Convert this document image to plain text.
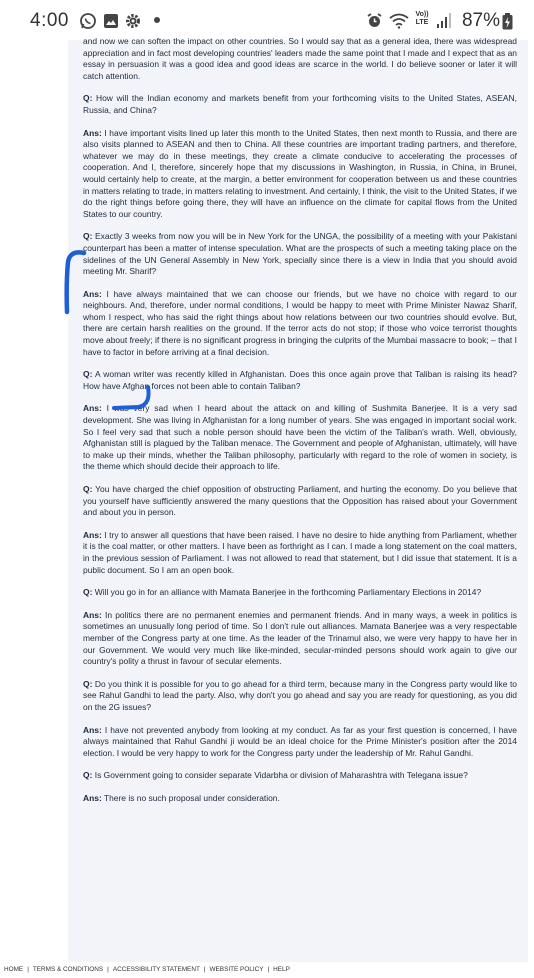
4:00	Vo)) LTE 87%

and now we can soften the impact on other countries. So I would say that as a general idea, there was widespread appreciation and in fact most developing countries' leaders made the same point that I made and I expect that as an essay in persuasion it was a good idea and good ideas are scarce in the world. I do believe sooner or later it will catch attention.

Q: How will the Indian economy and markets benefit from your forthcoming visits to the United States, ASEAN, Russia, and China?

Ans: I have important visits lined up later this month to the United States, then next month to Russia, and there are also visits planned to ASEAN and then to China. All these countries are important trading partners, and therefore, whatever we may do in these meetings, they create a climate conducive to accelerating the processes of cooperation. And I, therefore, sincerely hope that my discussions in Washington, in Russia, in China, in Brunei, would certainly help to create, at the margin, a better environment for cooperation between us and these countries in matters relating to trade, in matters relating to investment. And certainly, I think, the visit to the United States, if we do the right things before going there, they will have an influence on the climate for capital flows from the United States to our country.

Q: Exactly 3 weeks from now you will be in New York for the UNGA, the possibility of a meeting with your Pakistani counterpart has been a matter of intense speculation. What are the prospects of such a meeting taking place on the sidelines of the UN General Assembly in New York, specially since there is a view in India that you should avoid meeting Mr. Sharif?

Ans: I have always maintained that we can choose our friends, but we have no choice with regard to our neighbours. And, therefore, under normal conditions, I would be happy to meet with Prime Minister Nawaz Sharif, whom I respect, who has said the right things about how relations between our two countries should evolve. But, there are certain harsh realities on the ground. If the terror acts do not stop; if those who voice terrorist thoughts move about freely; if there is no significant progress in bringing the culprits of the Mumbai massacre to book; – that I have to factor in before arriving at a final decision.

Q: A woman writer was recently killed in Afghanistan. Does this once again prove that Taliban is raising its head? How have Afghan forces not been able to contain Taliban?

Ans: I was very sad when I heard about the attack on and killing of Sushmita Banerjee. It is a very sad development. She was living in Afghanistan for a long number of years. She was engaged in important social work. So I feel very sad that such a noble person should have been the victim of the Taliban's wrath. Well, obviously, Afghanistan still is plagued by the Taliban menace. The Government and people of Afghanistan, ultimately, will have to make up their minds, whether the Taliban philosophy, particularly with regard to the role of women in society, is the theme which should decide their approach to life.

Q: You have charged the chief opposition of obstructing Parliament, and hurting the economy. Do you believe that you yourself have sufficiently answered the many questions that the Opposition has raised about your Government and about you in person.

Ans: I try to answer all questions that have been raised. I have no desire to hide anything from Parliament, whether it is the coal matter, or other matters. I have been as forthright as I can. I made a long statement on the coal matters, in the previous session of Parliament. I was not allowed to read that statement, but I did issue that statement. It is a public document. So I am an open book.

Q: Will you go in for an alliance with Mamata Banerjee in the forthcoming Parliamentary Elections in 2014?

Ans: In politics there are no permanent enemies and permanent friends. And in many ways, a week in politics is sometimes an unusually long period of time. So I don't rule out alliances. Mamata Banerjee was a very respectable member of the Congress party at one time. As the leader of the Trinamul also, we were very happy to have her in our Government. We would very much like like-minded, secular-minded persons should work again to give our country's polity a thrust in favour of secular elements.

Q: Do you think it is possible for you to go ahead for a third term, because many in the Congress party would like to see Rahul Gandhi to lead the party. Also, why don't you go ahead and say you are ready for questioning, as you did on the 2G issues?

Ans: I have not prevented anybody from looking at my conduct. As far as your first question is concerned, I have always maintained that Rahul Gandhi ji would be an ideal choice for the Prime Minister's position after the 2014 election. I would be very happy to work for the Congress party under the leadership of Mr. Rahul Gandhi.

Q: Is Government going to consider separate Vidarbha or division of Maharashtra with Telegana issue?

Ans: There is no such proposal under consideration.

HOME | TERMS & CONDITIONS | ACCESSIBILITY STATEMENT | WEBSITE POLICY | HELP
